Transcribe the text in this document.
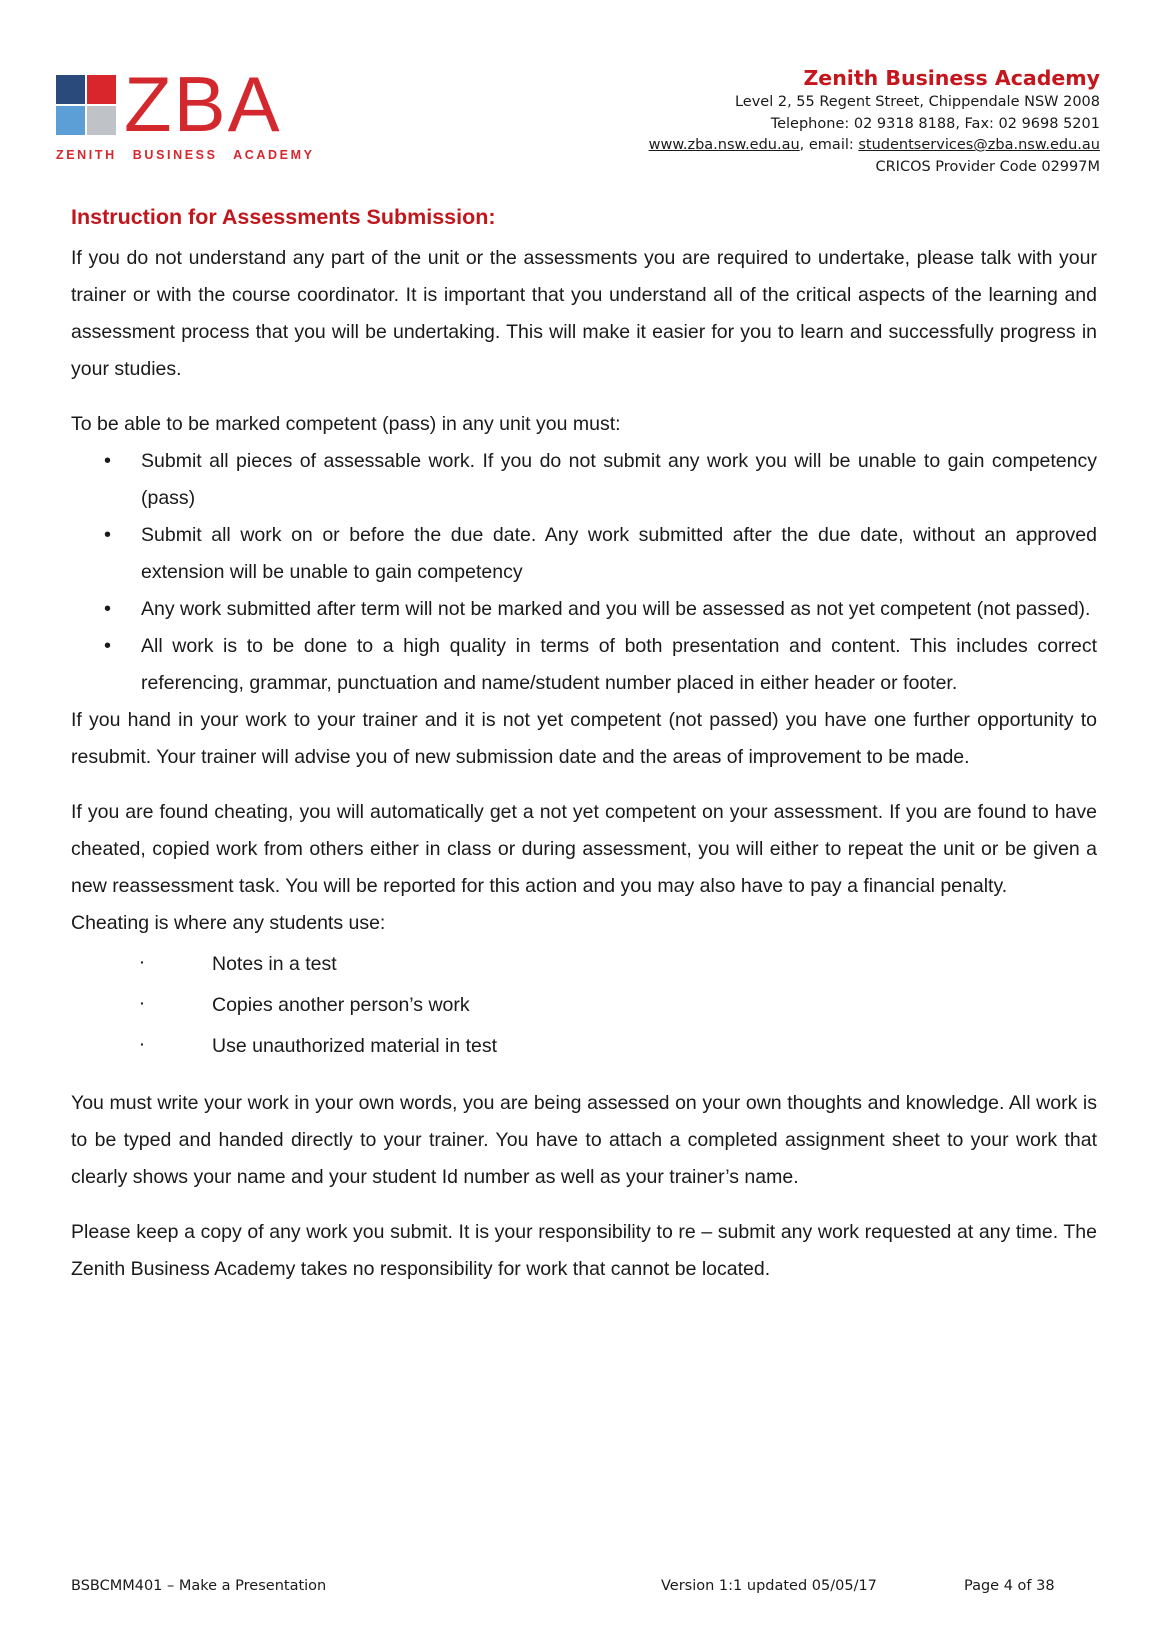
ZBA
ZENITH BUSINESS ACADEMY
Zenith Business Academy
Level 2, 55 Regent Street, Chippendale NSW 2008
Telephone: 02 9318 8188, Fax: 02 9698 5201
www.zba.nsw.edu.au, email: studentservices@zba.nsw.edu.au
CRICOS Provider Code 02997M
Instruction for Assessments Submission:

If you do not understand any part of the unit or the assessments you are required to undertake, please talk with your trainer or with the course coordinator. It is important that you understand all of the critical aspects of the learning and assessment process that you will be undertaking. This will make it easier for you to learn and successfully progress in your studies.

To be able to be marked competent (pass) in any unit you must:

• Submit all pieces of assessable work. If you do not submit any work you will be unable to gain competency (pass)
• Submit all work on or before the due date. Any work submitted after the due date, without an approved extension will be unable to gain competency
• Any work submitted after term will not be marked and you will be assessed as not yet competent (not passed).
• All work is to be done to a high quality in terms of both presentation and content. This includes correct referencing, grammar, punctuation and name/student number placed in either header or footer.

If you hand in your work to your trainer and it is not yet competent (not passed) you have one further opportunity to resubmit. Your trainer will advise you of new submission date and the areas of improvement to be made.

If you are found cheating, you will automatically get a not yet competent on your assessment. If you are found to have cheated, copied work from others either in class or during assessment, you will either to repeat the unit or be given a new reassessment task. You will be reported for this action and you may also have to pay a financial penalty.

Cheating is where any students use:

·	Notes in a test
·	Copies another person’s work
·	Use unauthorized material in test

You must write your work in your own words, you are being assessed on your own thoughts and knowledge. All work is to be typed and handed directly to your trainer. You have to attach a completed assignment sheet to your work that clearly shows your name and your student Id number as well as your trainer’s name.

Please keep a copy of any work you submit. It is your responsibility to re – submit any work requested at any time. The Zenith Business Academy takes no responsibility for work that cannot be located.

BSBCMM401 – Make a Presentation	Version 1:1 updated 05/05/17	Page 4 of 38
